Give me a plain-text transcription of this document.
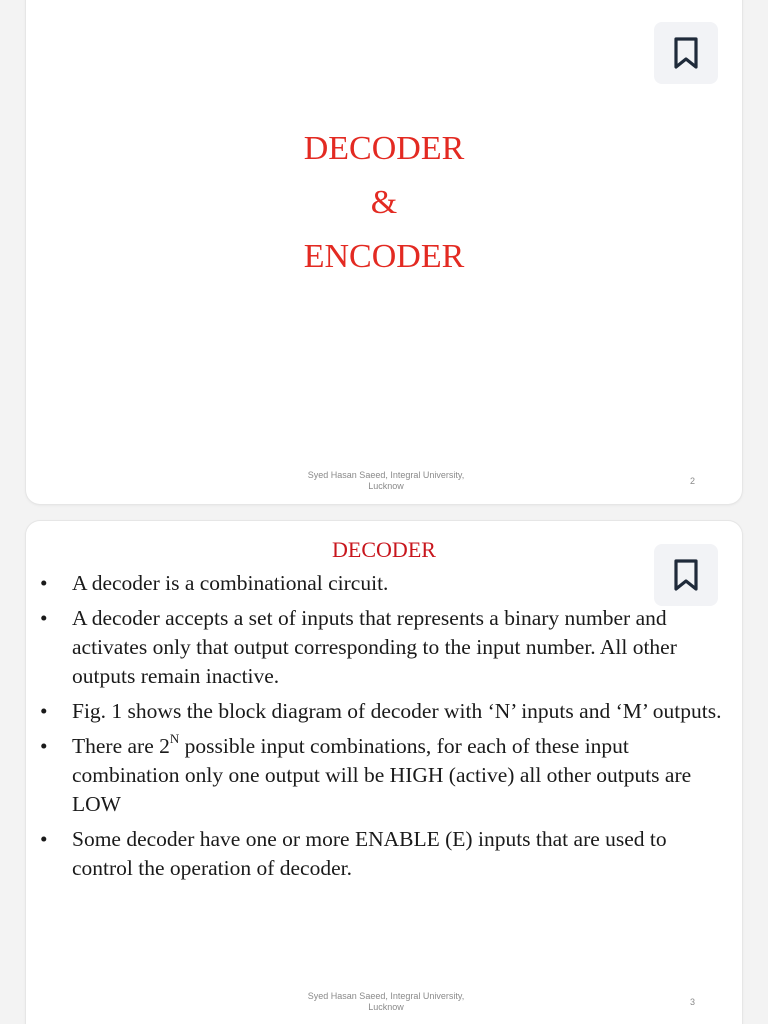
DECODER
&
ENCODER
Syed Hasan Saeed, Integral University,
Lucknow	2
DECODER
• A decoder is a combinational circuit.
• A decoder accepts a set of inputs that represents a binary number and activates only that output corresponding to the input number. All other outputs remain inactive.
• Fig. 1 shows the block diagram of decoder with ‘N’ inputs and ‘M’ outputs.
• There are $2^N$ possible input combinations, for each of these input combination only one output will be HIGH (active) all other outputs are LOW
• Some decoder have one or more ENABLE (E) inputs that are used to control the operation of decoder.
Syed Hasan Saeed, Integral University,
Lucknow	3
